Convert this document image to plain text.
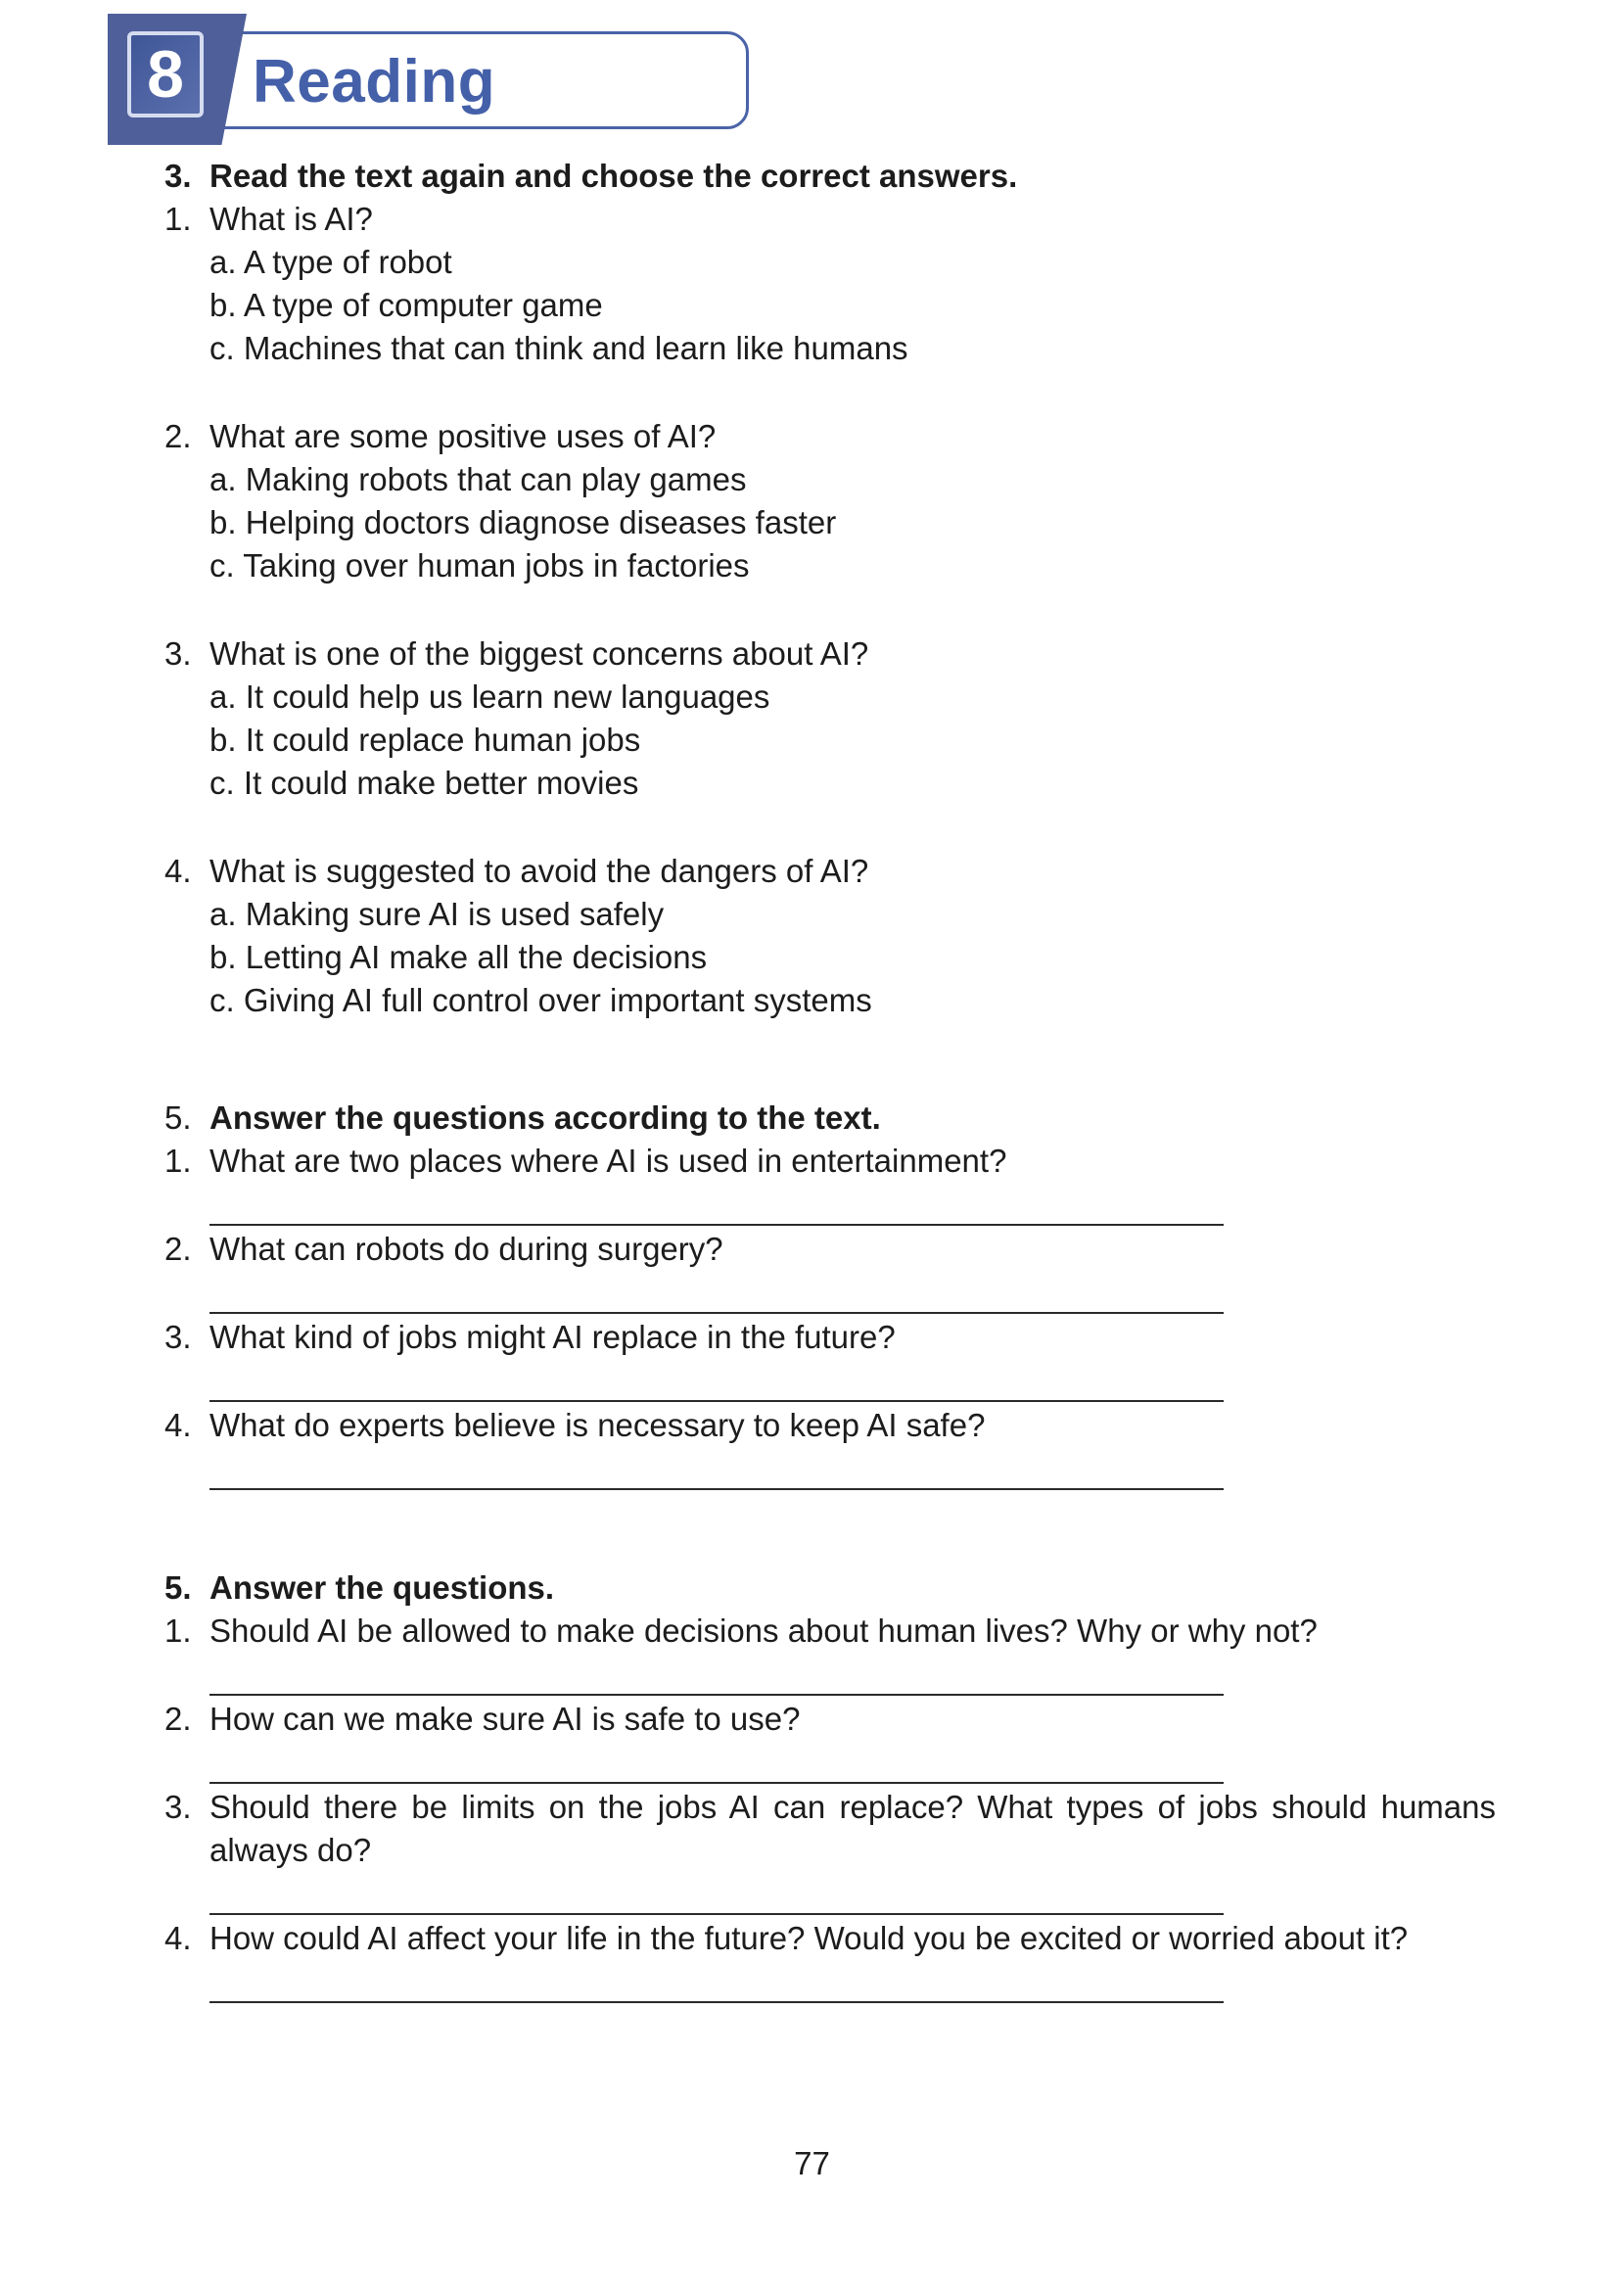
Reading
8
3. Read the text again and choose the correct answers.
1. What is AI?
a. A type of robot
b. A type of computer game
c. Machines that can think and learn like humans
2. What are some positive uses of AI?
a. Making robots that can play games
b. Helping doctors diagnose diseases faster
c. Taking over human jobs in factories
3. What is one of the biggest concerns about AI?
a. It could help us learn new languages
b. It could replace human jobs
c. It could make better movies
4. What is suggested to avoid the dangers of AI?
a. Making sure AI is used safely
b. Letting AI make all the decisions
c. Giving AI full control over important systems
5. Answer the questions according to the text.
1. What are two places where AI is used in entertainment?
2. What can robots do during surgery?
3. What kind of jobs might AI replace in the future?
4. What do experts believe is necessary to keep AI safe?
5. Answer the questions.
1. Should AI be allowed to make decisions about human lives? Why or why not?
2. How can we make sure AI is safe to use?
3. Should there be limits on the jobs AI can replace? What types of jobs should humans always do?
4. How could AI affect your life in the future? Would you be excited or worried about it?
77
